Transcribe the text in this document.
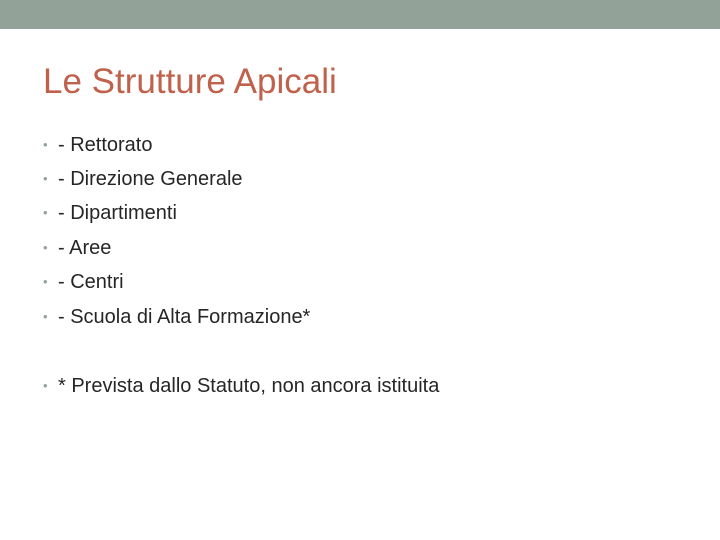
Le Strutture Apicali
• - Rettorato
• - Direzione Generale
• - Dipartimenti
• - Aree
• - Centri
• - Scuola di Alta Formazione*
• * Prevista dallo Statuto, non ancora istituita
